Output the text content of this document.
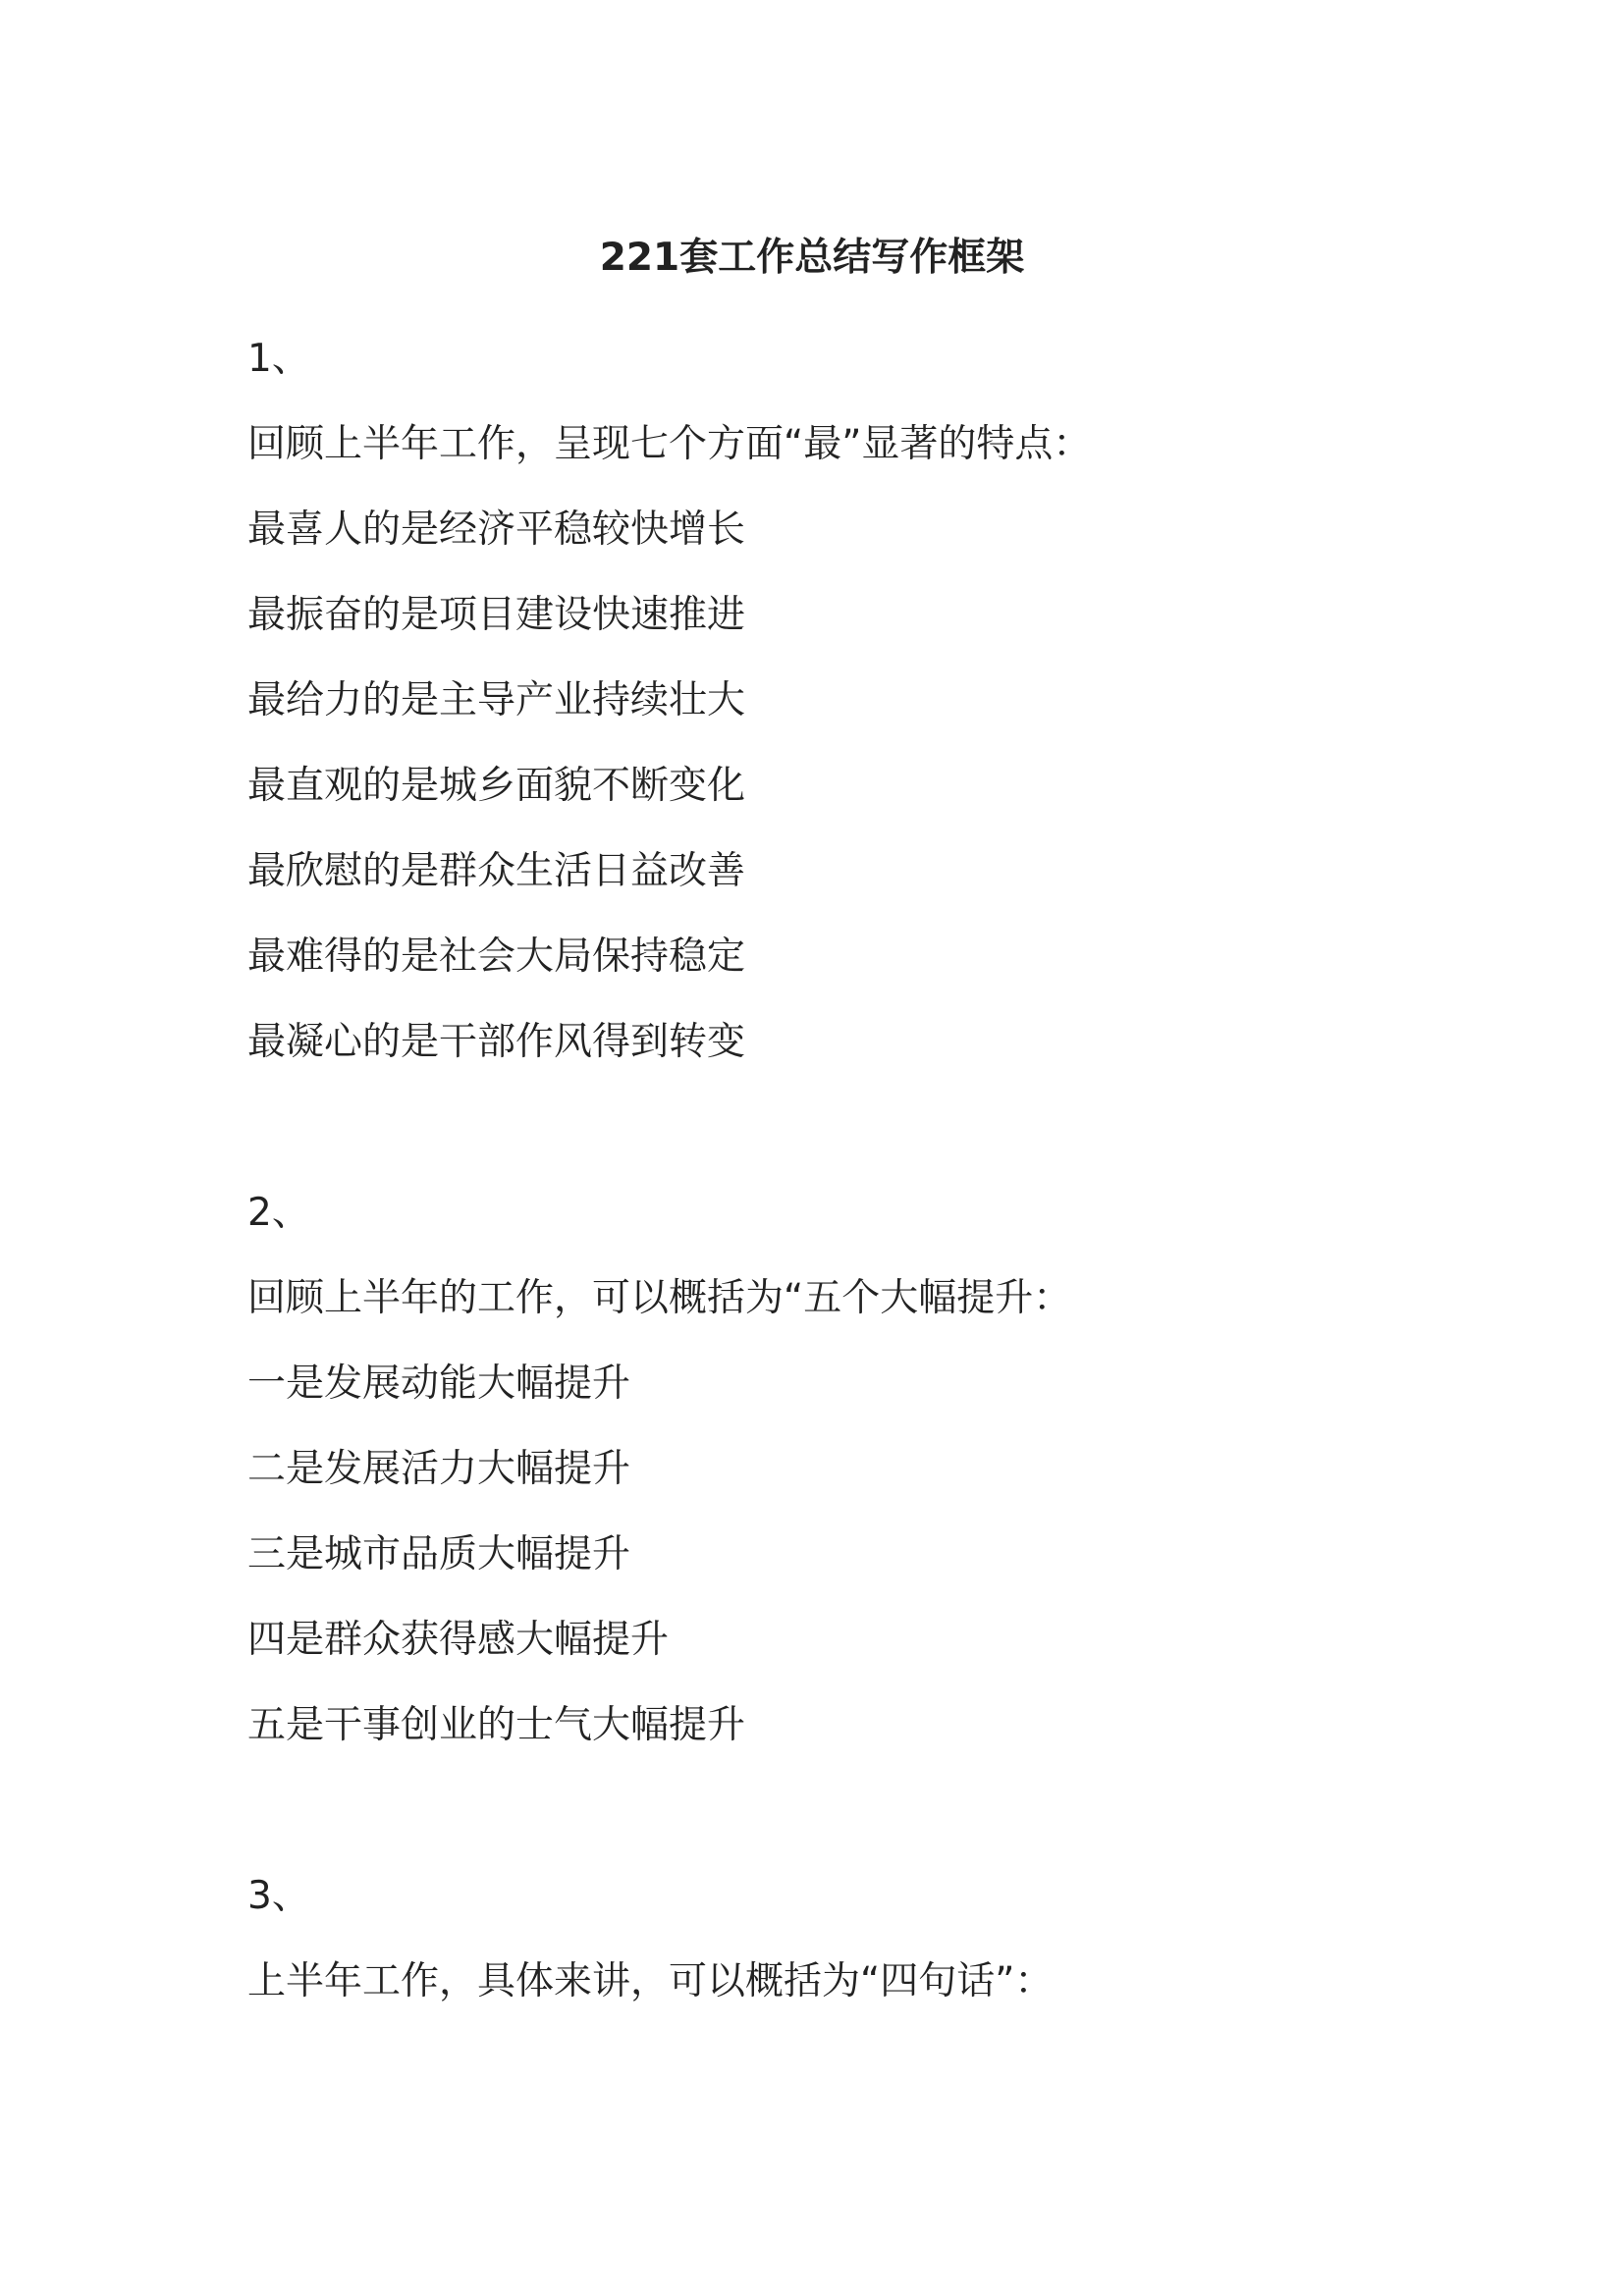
221套工作总结写作框架
1、
回顾上半年工作，呈现七个方面“最”显著的特点：
最喜人的是经济平稳较快增长
最振奋的是项目建设快速推进
最给力的是主导产业持续壮大
最直观的是城乡面貌不断变化
最欣慰的是群众生活日益改善
最难得的是社会大局保持稳定
最凝心的是干部作风得到转变
2、
回顾上半年的工作，可以概括为“五个大幅提升：
一是发展动能大幅提升
二是发展活力大幅提升
三是城市品质大幅提升
四是群众获得感大幅提升
五是干事创业的士气大幅提升
3、
上半年工作，具体来讲，可以概括为“四句话”：
